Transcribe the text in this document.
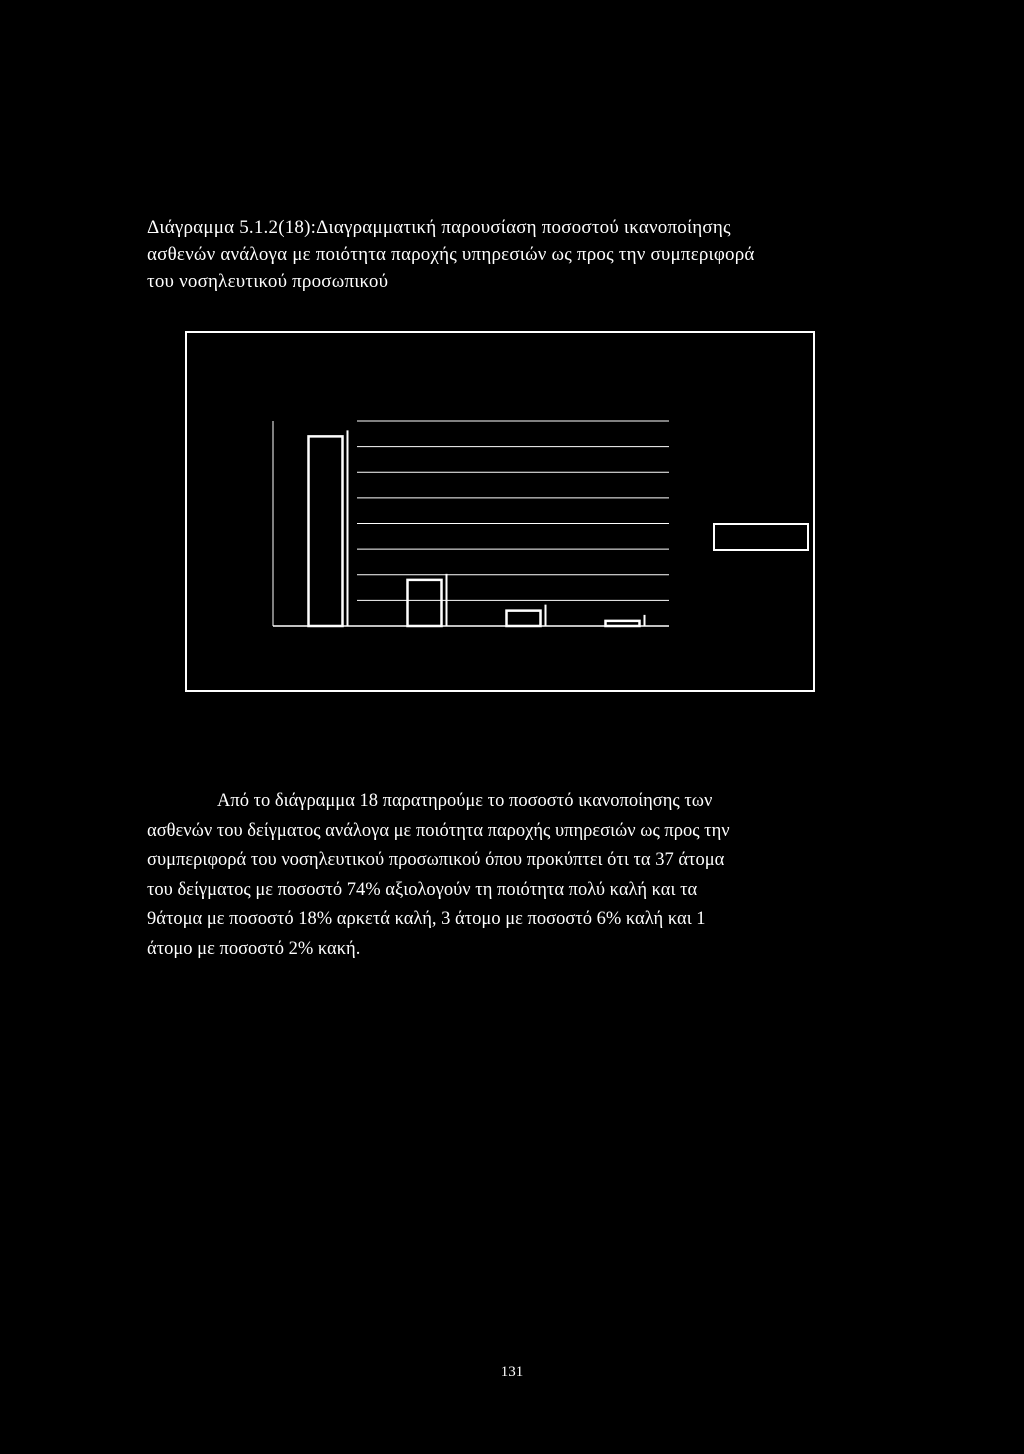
Διάγραμμα 5.1.2(18):Διαγραμματική παρουσίαση ποσοστού ικανοποίησης
ασθενών ανάλογα με ποιότητα παροχής υπηρεσιών ως προς την συμπεριφορά
του νοσηλευτικού προσωπικού
Από το διάγραμμα 18 παρατηρούμε το ποσοστό ικανοποίησης των
ασθενών του δείγματος ανάλογα με ποιότητα παροχής υπηρεσιών ως προς την
συμπεριφορά του νοσηλευτικού προσωπικού όπου προκύπτει ότι τα 37 άτομα
του δείγματος με ποσοστό 74% αξιολογούν τη ποιότητα πολύ καλή και τα
9άτομα με ποσοστό 18% αρκετά καλή, 3 άτομο με ποσοστό 6% καλή και 1
άτομο με ποσοστό 2% κακή.
131
